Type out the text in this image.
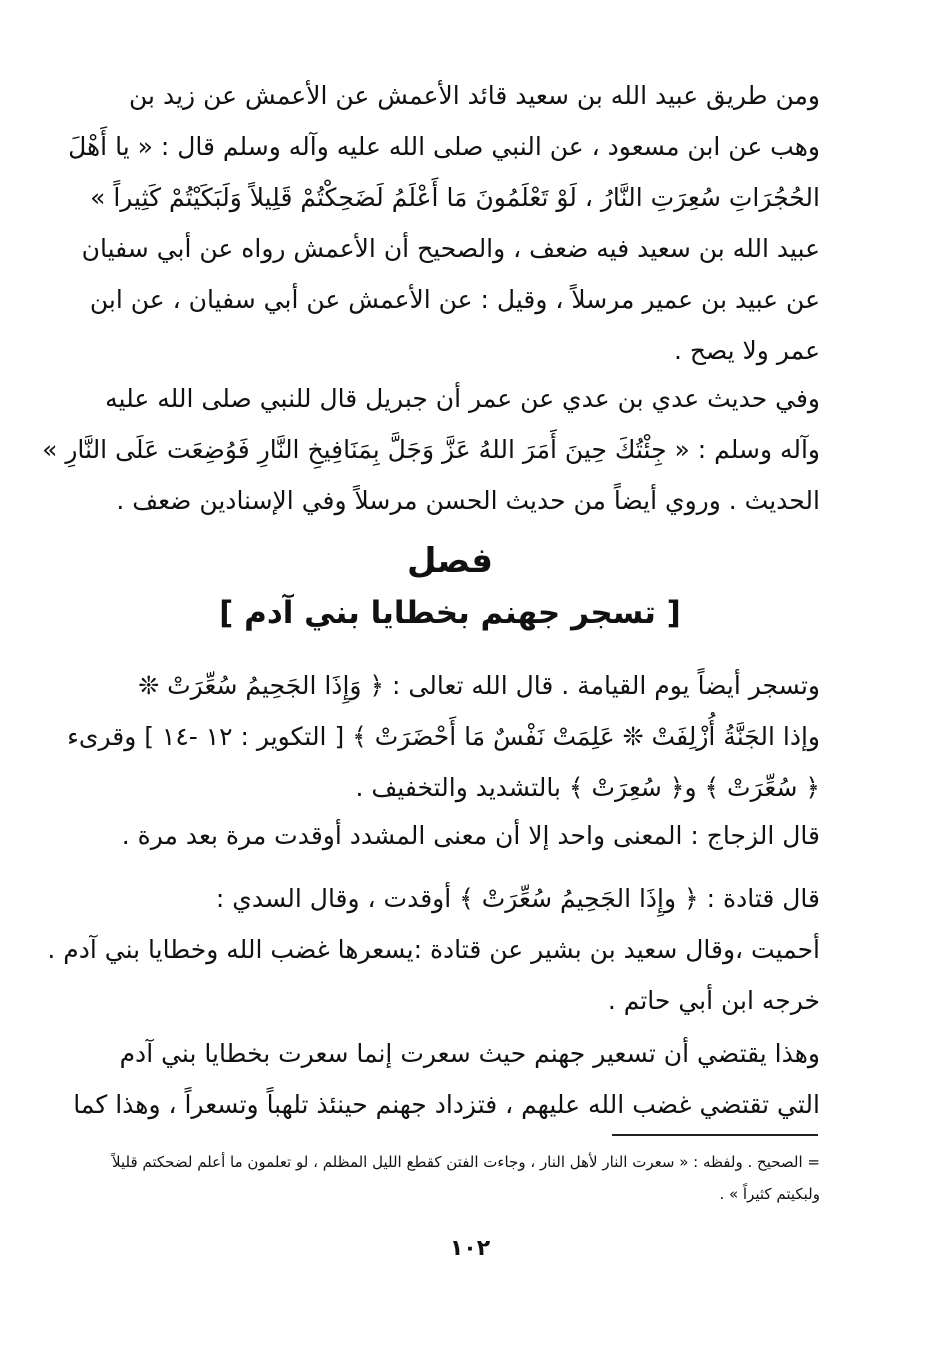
ومن طريق عبيد الله بن سعيد قائد الأعمش عن الأعمش عن زيد بن
وهب عن ابن مسعود ، عن النبي صلى الله عليه وآله وسلم قال : « يا أَهْلَ
الحُجُرَاتِ سُعِرَتِ النَّارُ ، لَوْ تَعْلَمُونَ مَا أَعْلَمُ لَضَحِكْتُمْ قَلِيلاً وَلَبَكَيْتُمْ كَثِيراً »
عبيد الله بن سعيد فيه ضعف ، والصحيح أن الأعمش رواه عن أبي سفيان
عن عبيد بن عمير مرسلاً ، وقيل : عن الأعمش عن أبي سفيان ، عن ابن
عمر ولا يصح .
وفي حديث عدي بن عدي عن عمر أن جبريل قال للنبي صلى الله عليه
وآله وسلم : « جِئْتُكَ حِينَ أَمَرَ اللهُ عَزَّ وَجَلَّ بِمَنَافِيخِ النَّارِ فَوُضِعَت عَلَى النَّارِ »
الحديث . وروي أيضاً من حديث الحسن مرسلاً وفي الإسنادين ضعف .
فصل
[ تسجر جهنم بخطايا بني آدم ]
وتسجر أيضاً يوم القيامة . قال الله تعالى : ﴿ وَإِذَا الجَحِيمُ سُعِّرَتْ ❊
وإذا الجَنَّةُ أُزْلِفَتْ ❊ عَلِمَتْ نَفْسٌ مَا أَحْضَرَتْ ﴾ [ التكوير : ١٢ -١٤ ] وقرىء
﴿ سُعِّرَتْ ﴾ و﴿ سُعِرَتْ ﴾ بالتشديد والتخفيف .
قال الزجاج : المعنى واحد إلا أن معنى المشدد أوقدت مرة بعد مرة .
قال قتادة : ﴿ وإِذَا الجَحِيمُ سُعِّرَتْ ﴾ أوقدت ، وقال السدي :
أحميت ،وقال سعيد بن بشير عن قتادة :يسعرها غضب الله وخطايا بني آدم .
خرجه ابن أبي حاتم .
وهذا يقتضي أن تسعير جهنم حيث سعرت إنما سعرت بخطايا بني آدم
التي تقتضي غضب الله عليهم ، فتزداد جهنم حينئذ تلهباً وتسعراً ، وهذا كما
= الصحيح . ولفظه : « سعرت النار لأهل النار ، وجاءت الفتن كقطع الليل المظلم ، لو تعلمون ما أعلم لضحكتم قليلاً
ولبكيتم كثيراً » .
١٠٢
